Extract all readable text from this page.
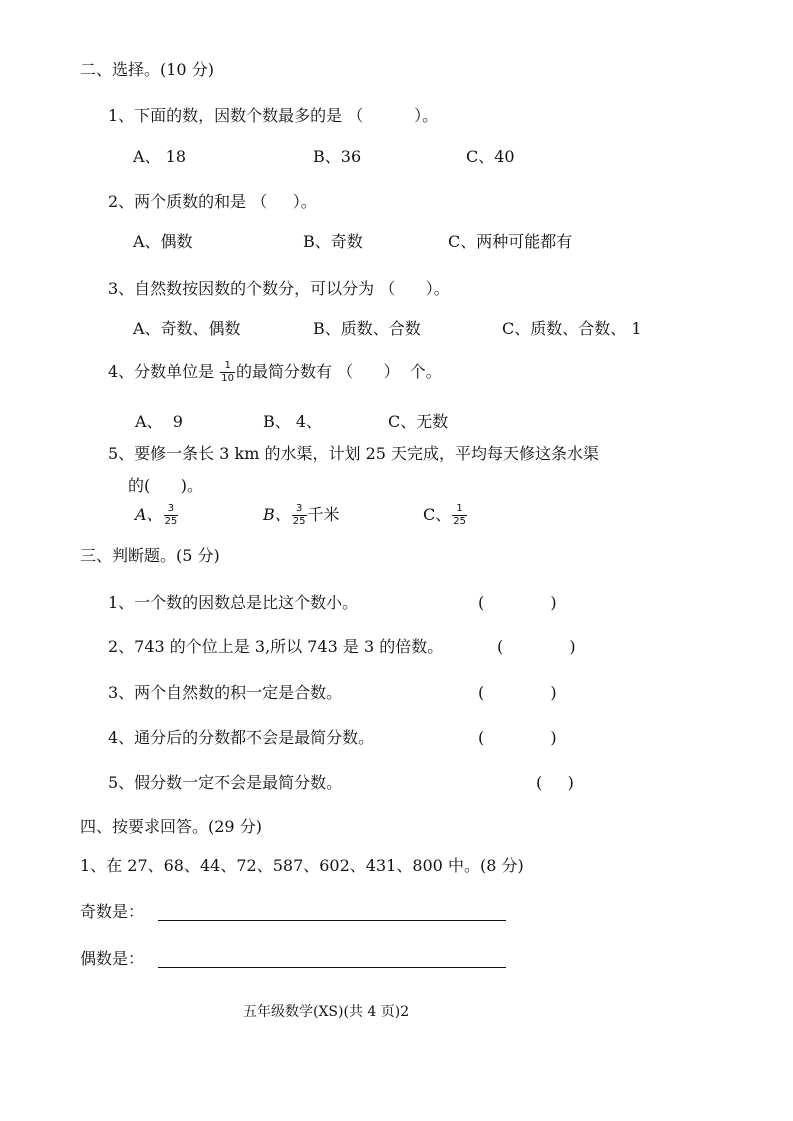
二、选择。(10 分)
1、下面的数，因数个数最多的是 （          ）。
A、 18	B、36	C、40
2、两个质数的和是 （     ）。
A、偶数	B、奇数	C、两种可能都有
3、自然数按因数的个数分，可以分为 （      ）。
A、奇数、偶数	B、质数、合数	C、质数、合数、 1
4、分数单位是 $\frac{1}{10}$ 的最简分数有 （      ）  个。
A、  9	B、 4、	C、无数
5、要修一条长 3 km 的水渠，计划 25 天完成，平均每天修这条水渠
的(      )。
A、 $\frac{3}{25}$	B、 $\frac{3}{25}$ 千米	C、 $\frac{1}{25}$
三、判断题。(5 分)
1、一个数的因数总是比这个数小。	(             )
2、743 的个位上是 3,所以 743 是 3 的倍数。	(             )
3、两个自然数的积一定是合数。	(             )
4、通分后的分数都不会是最简分数。	(             )
5、假分数一定不会是最简分数。	(     )
四、按要求回答。(29 分)
1、在 27、68、44、72、587、602、431、800 中。(8 分)
奇数是：
偶数是：
五年级数学(XS)(共 4 页)2
